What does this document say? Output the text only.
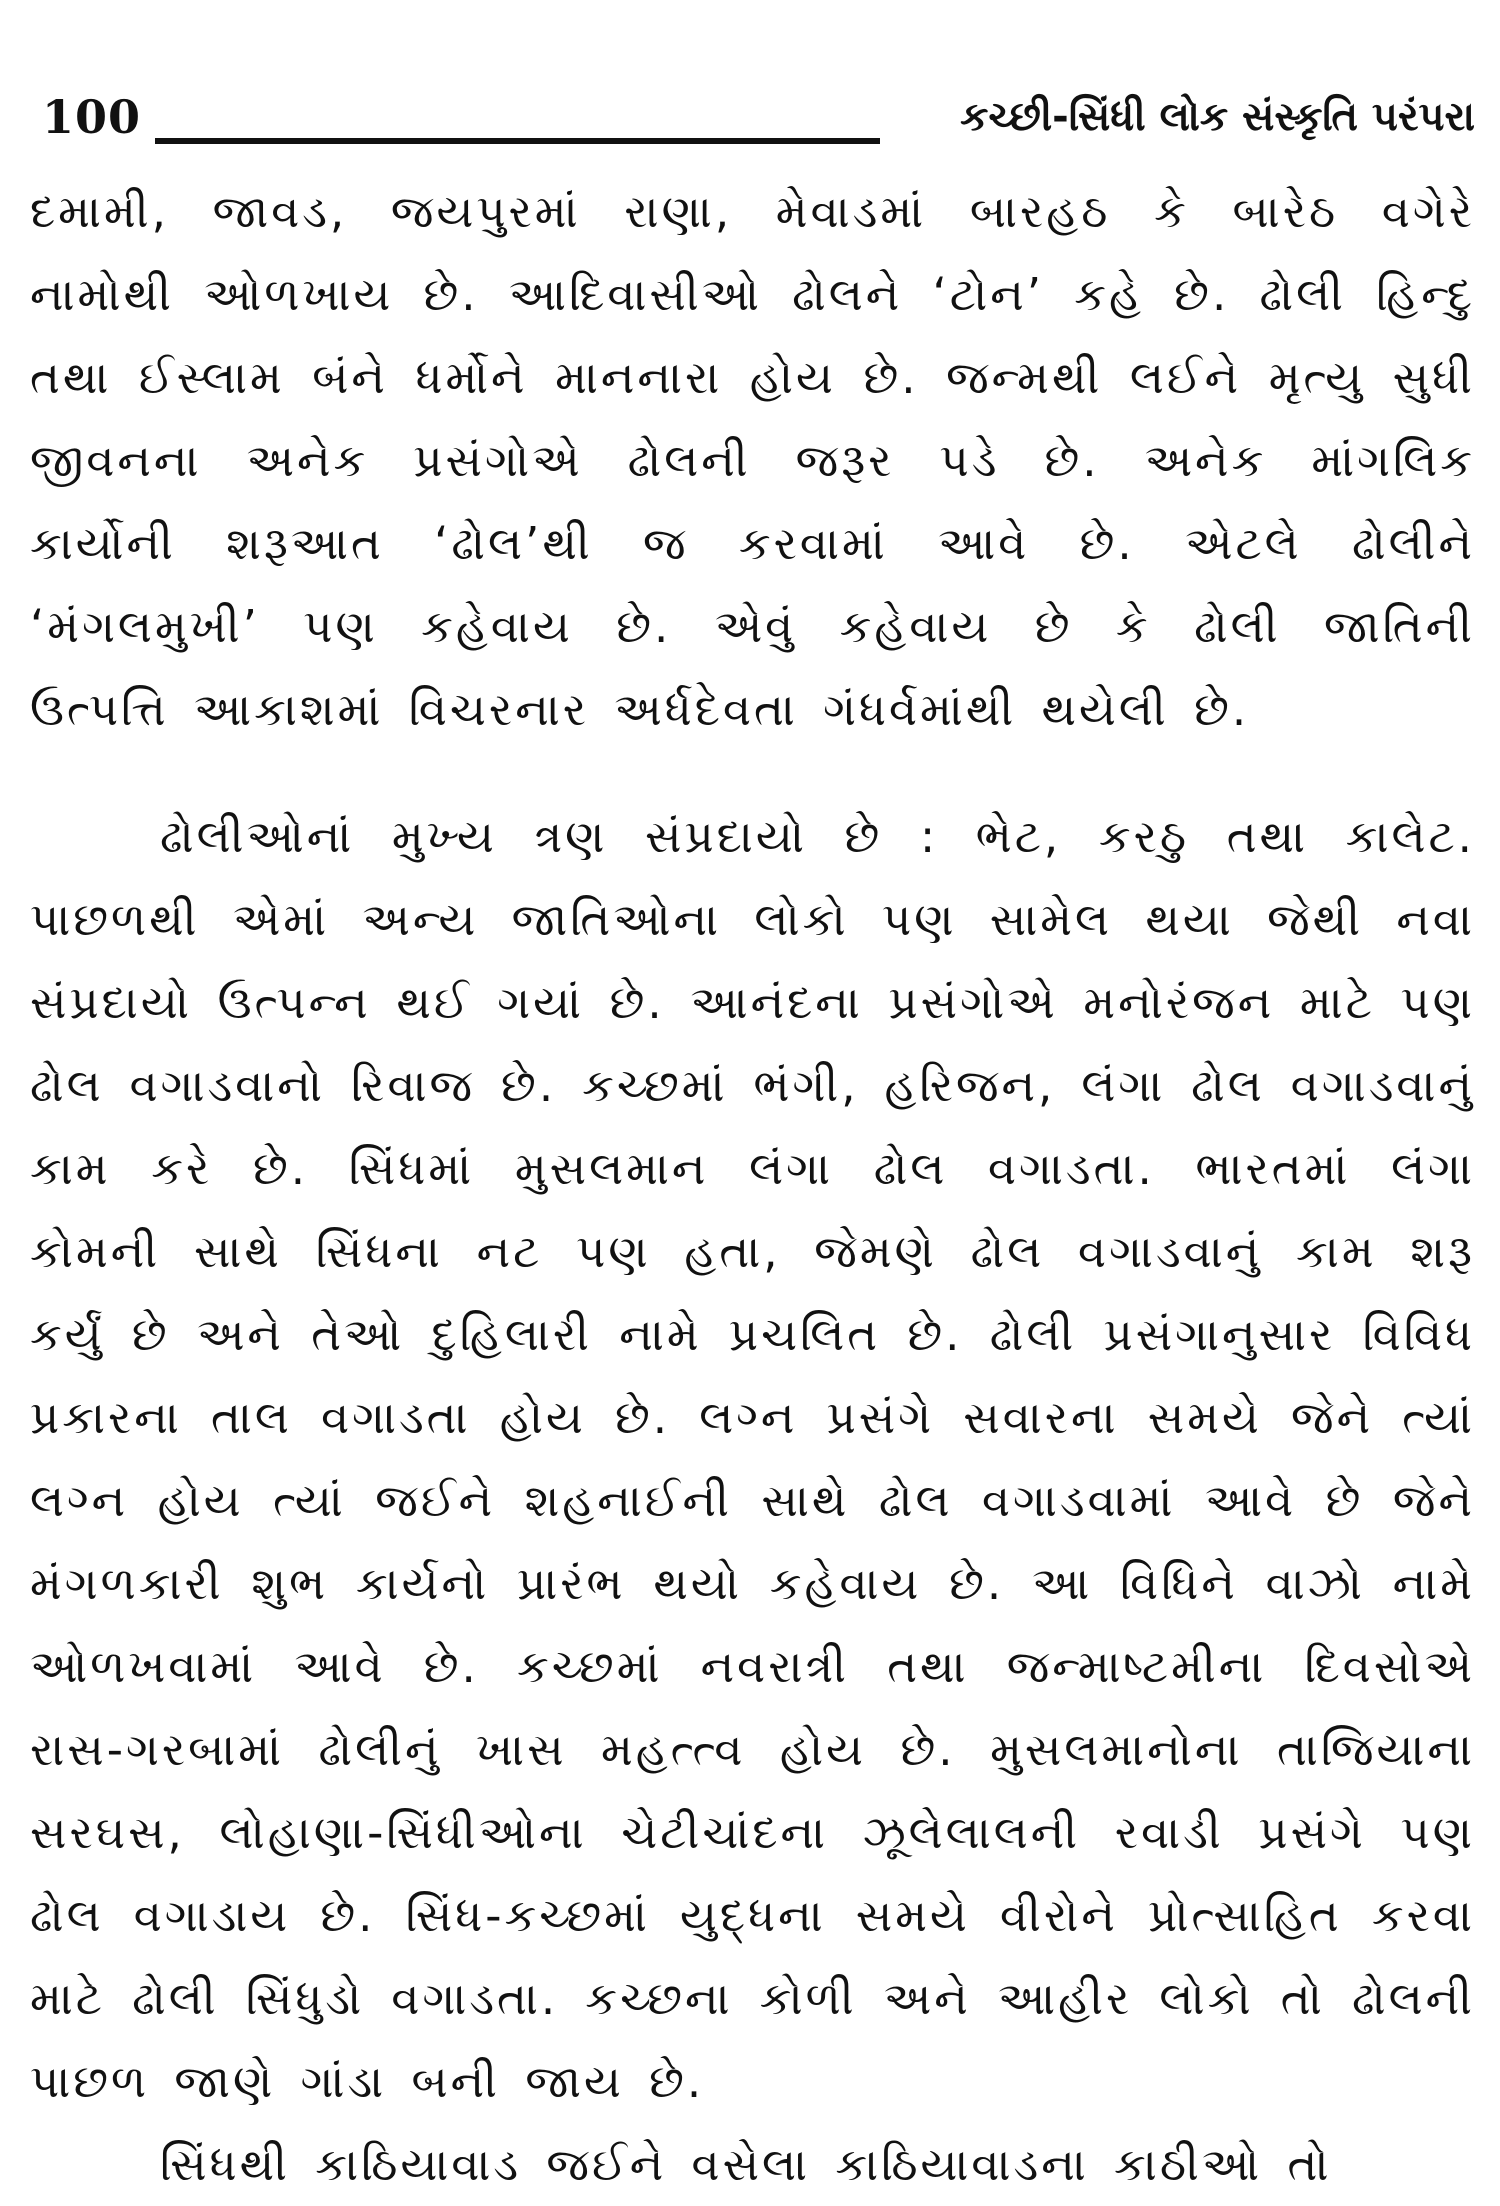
100	કચ્છી-સિંધી લોક સંસ્કૃતિ પરંપરા

દમામી, જાવડ, જયપુરમાં રાણા, મેવાડમાં બારહઠ કે બારેઠ વગેરે નામોથી ઓળખાય છે. આદિવાસીઓ ઢોલને ‘ટોન’ કહે છે. ઢોલી હિન્દુ તથા ઈસ્લામ બંને ધર્મોને માનનારા હોય છે. જન્મથી લઈને મૃત્યુ સુધી જીવનના અનેક પ્રસંગોએ ઢોલની જરૂર પડે છે. અનેક માંગલિક કાર્યોની શરૂઆત ‘ઢોલ’થી જ કરવામાં આવે છે. એટલે ઢોલીને ‘મંગલમુખી’ પણ કહેવાય છે. એવું કહેવાય છે કે ઢોલી જાતિની ઉત્પત્તિ આકાશમાં વિચરનાર અર્ધદેવતા ગંધર્વમાંથી થયેલી છે.

ઢોલીઓનાં મુખ્ય ત્રણ સંપ્રદાયો છે : ભેટ, કરઠુ તથા કાલેટ. પાછળથી એમાં અન્ય જાતિઓના લોકો પણ સામેલ થયા જેથી નવા સંપ્રદાયો ઉત્પન્ન થઈ ગયાં છે. આનંદના પ્રસંગોએ મનોરંજન માટે પણ ઢોલ વગાડવાનો રિવાજ છે. કચ્છમાં ભંગી, હરિજન, લંગા ઢોલ વગાડવાનું કામ કરે છે. સિંધમાં મુસલમાન લંગા ઢોલ વગાડતા. ભારતમાં લંગા કોમની સાથે સિંધના નટ પણ હતા, જેમણે ઢોલ વગાડવાનું કામ શરૂ કર્યું છે અને તેઓ દુહિલારી નામે પ્રચલિત છે. ઢોલી પ્રસંગાનુસાર વિવિધ પ્રકારના તાલ વગાડતા હોય છે. લગ્ન પ્રસંગે સવારના સમયે જેને ત્યાં લગ્ન હોય ત્યાં જઈને શહનાઈની સાથે ઢોલ વગાડવામાં આવે છે જેને મંગળકારી શુભ કાર્યનો પ્રારંભ થયો કહેવાય છે. આ વિધિને વાઝો નામે ઓળખવામાં આવે છે. કચ્છમાં નવરાત્રી તથા જન્માષ્ટમીના દિવસોએ રાસ-ગરબામાં ઢોલીનું ખાસ મહત્ત્વ હોય છે. મુસલમાનોના તાજિયાના સરઘસ, લોહાણા-સિંધીઓના ચેટીચાંદના ઝૂલેલાલની રવાડી પ્રસંગે પણ ઢોલ વગાડાય છે. સિંધ-કચ્છમાં યુદ્ધના સમયે વીરોને પ્રોત્સાહિત કરવા માટે ઢોલી સિંધુડો વગાડતા. કચ્છના કોળી અને આહીર લોકો તો ઢોલની પાછળ જાણે ગાંડા બની જાય છે.

સિંધથી કાઠિયાવાડ જઈને વસેલા કાઠિયાવાડના કાઠીઓ તો
